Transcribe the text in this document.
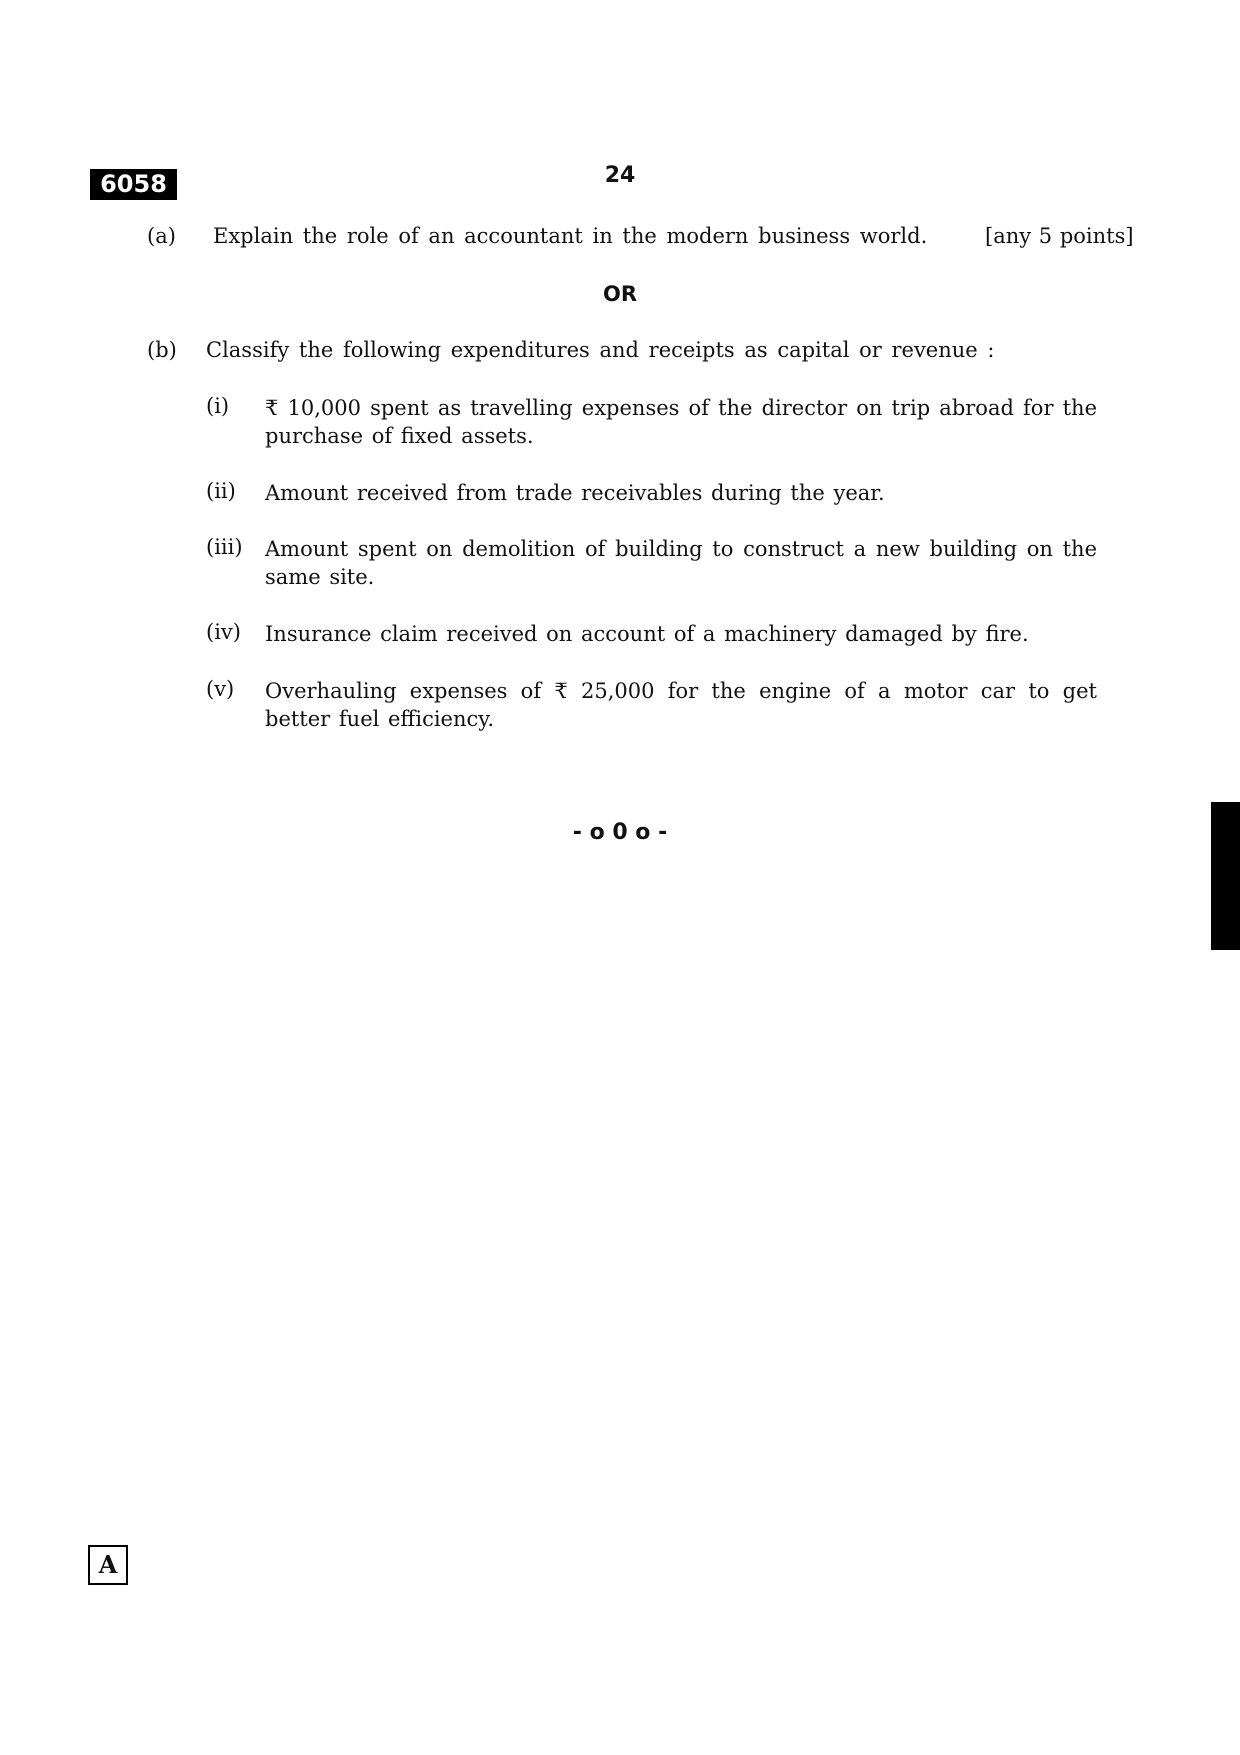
6058	24
(a) Explain the role of an accountant in the modern business world.	[any 5 points]
OR
(b) Classify the following expenditures and receipts as capital or revenue :
(i) ₹ 10,000 spent as travelling expenses of the director on trip abroad for the purchase of fixed assets.
(ii) Amount received from trade receivables during the year.
(iii) Amount spent on demolition of building to construct a new building on the same site.
(iv) Insurance claim received on account of a machinery damaged by fire.
(v) Overhauling expenses of ₹ 25,000 for the engine of a motor car to get better fuel efficiency.
- o 0 o -
A
